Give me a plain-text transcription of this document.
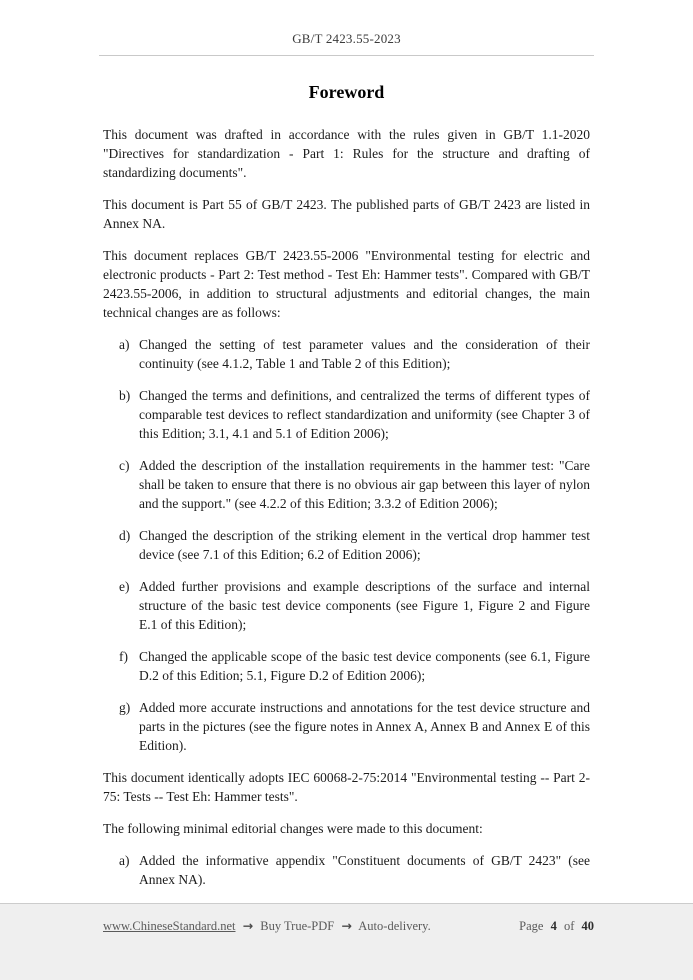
GB/T 2423.55-2023
Foreword

This document was drafted in accordance with the rules given in GB/T 1.1-2020 "Directives for standardization - Part 1: Rules for the structure and drafting of standardizing documents".

This document is Part 55 of GB/T 2423. The published parts of GB/T 2423 are listed in Annex NA.

This document replaces GB/T 2423.55-2006 "Environmental testing for electric and electronic products - Part 2: Test method - Test Eh: Hammer tests". Compared with GB/T 2423.55-2006, in addition to structural adjustments and editorial changes, the main technical changes are as follows:

a) Changed the setting of test parameter values and the consideration of their continuity (see 4.1.2, Table 1 and Table 2 of this Edition);
b) Changed the terms and definitions, and centralized the terms of different types of comparable test devices to reflect standardization and uniformity (see Chapter 3 of this Edition; 3.1, 4.1 and 5.1 of Edition 2006);
c) Added the description of the installation requirements in the hammer test: "Care shall be taken to ensure that there is no obvious air gap between this layer of nylon and the support." (see 4.2.2 of this Edition; 3.3.2 of Edition 2006);
d) Changed the description of the striking element in the vertical drop hammer test device (see 7.1 of this Edition; 6.2 of Edition 2006);
e) Added further provisions and example descriptions of the surface and internal structure of the basic test device components (see Figure 1, Figure 2 and Figure E.1 of this Edition);
f) Changed the applicable scope of the basic test device components (see 6.1, Figure D.2 of this Edition; 5.1, Figure D.2 of Edition 2006);
g) Added more accurate instructions and annotations for the test device structure and parts in the pictures (see the figure notes in Annex A, Annex B and Annex E of this Edition).

This document identically adopts IEC 60068-2-75:2014 "Environmental testing -- Part 2-75: Tests -- Test Eh: Hammer tests".

The following minimal editorial changes were made to this document:

a) Added the informative appendix "Constituent documents of GB/T 2423" (see Annex NA).
www.ChineseStandard.net → Buy True-PDF → Auto-delivery.	Page 4 of 40
